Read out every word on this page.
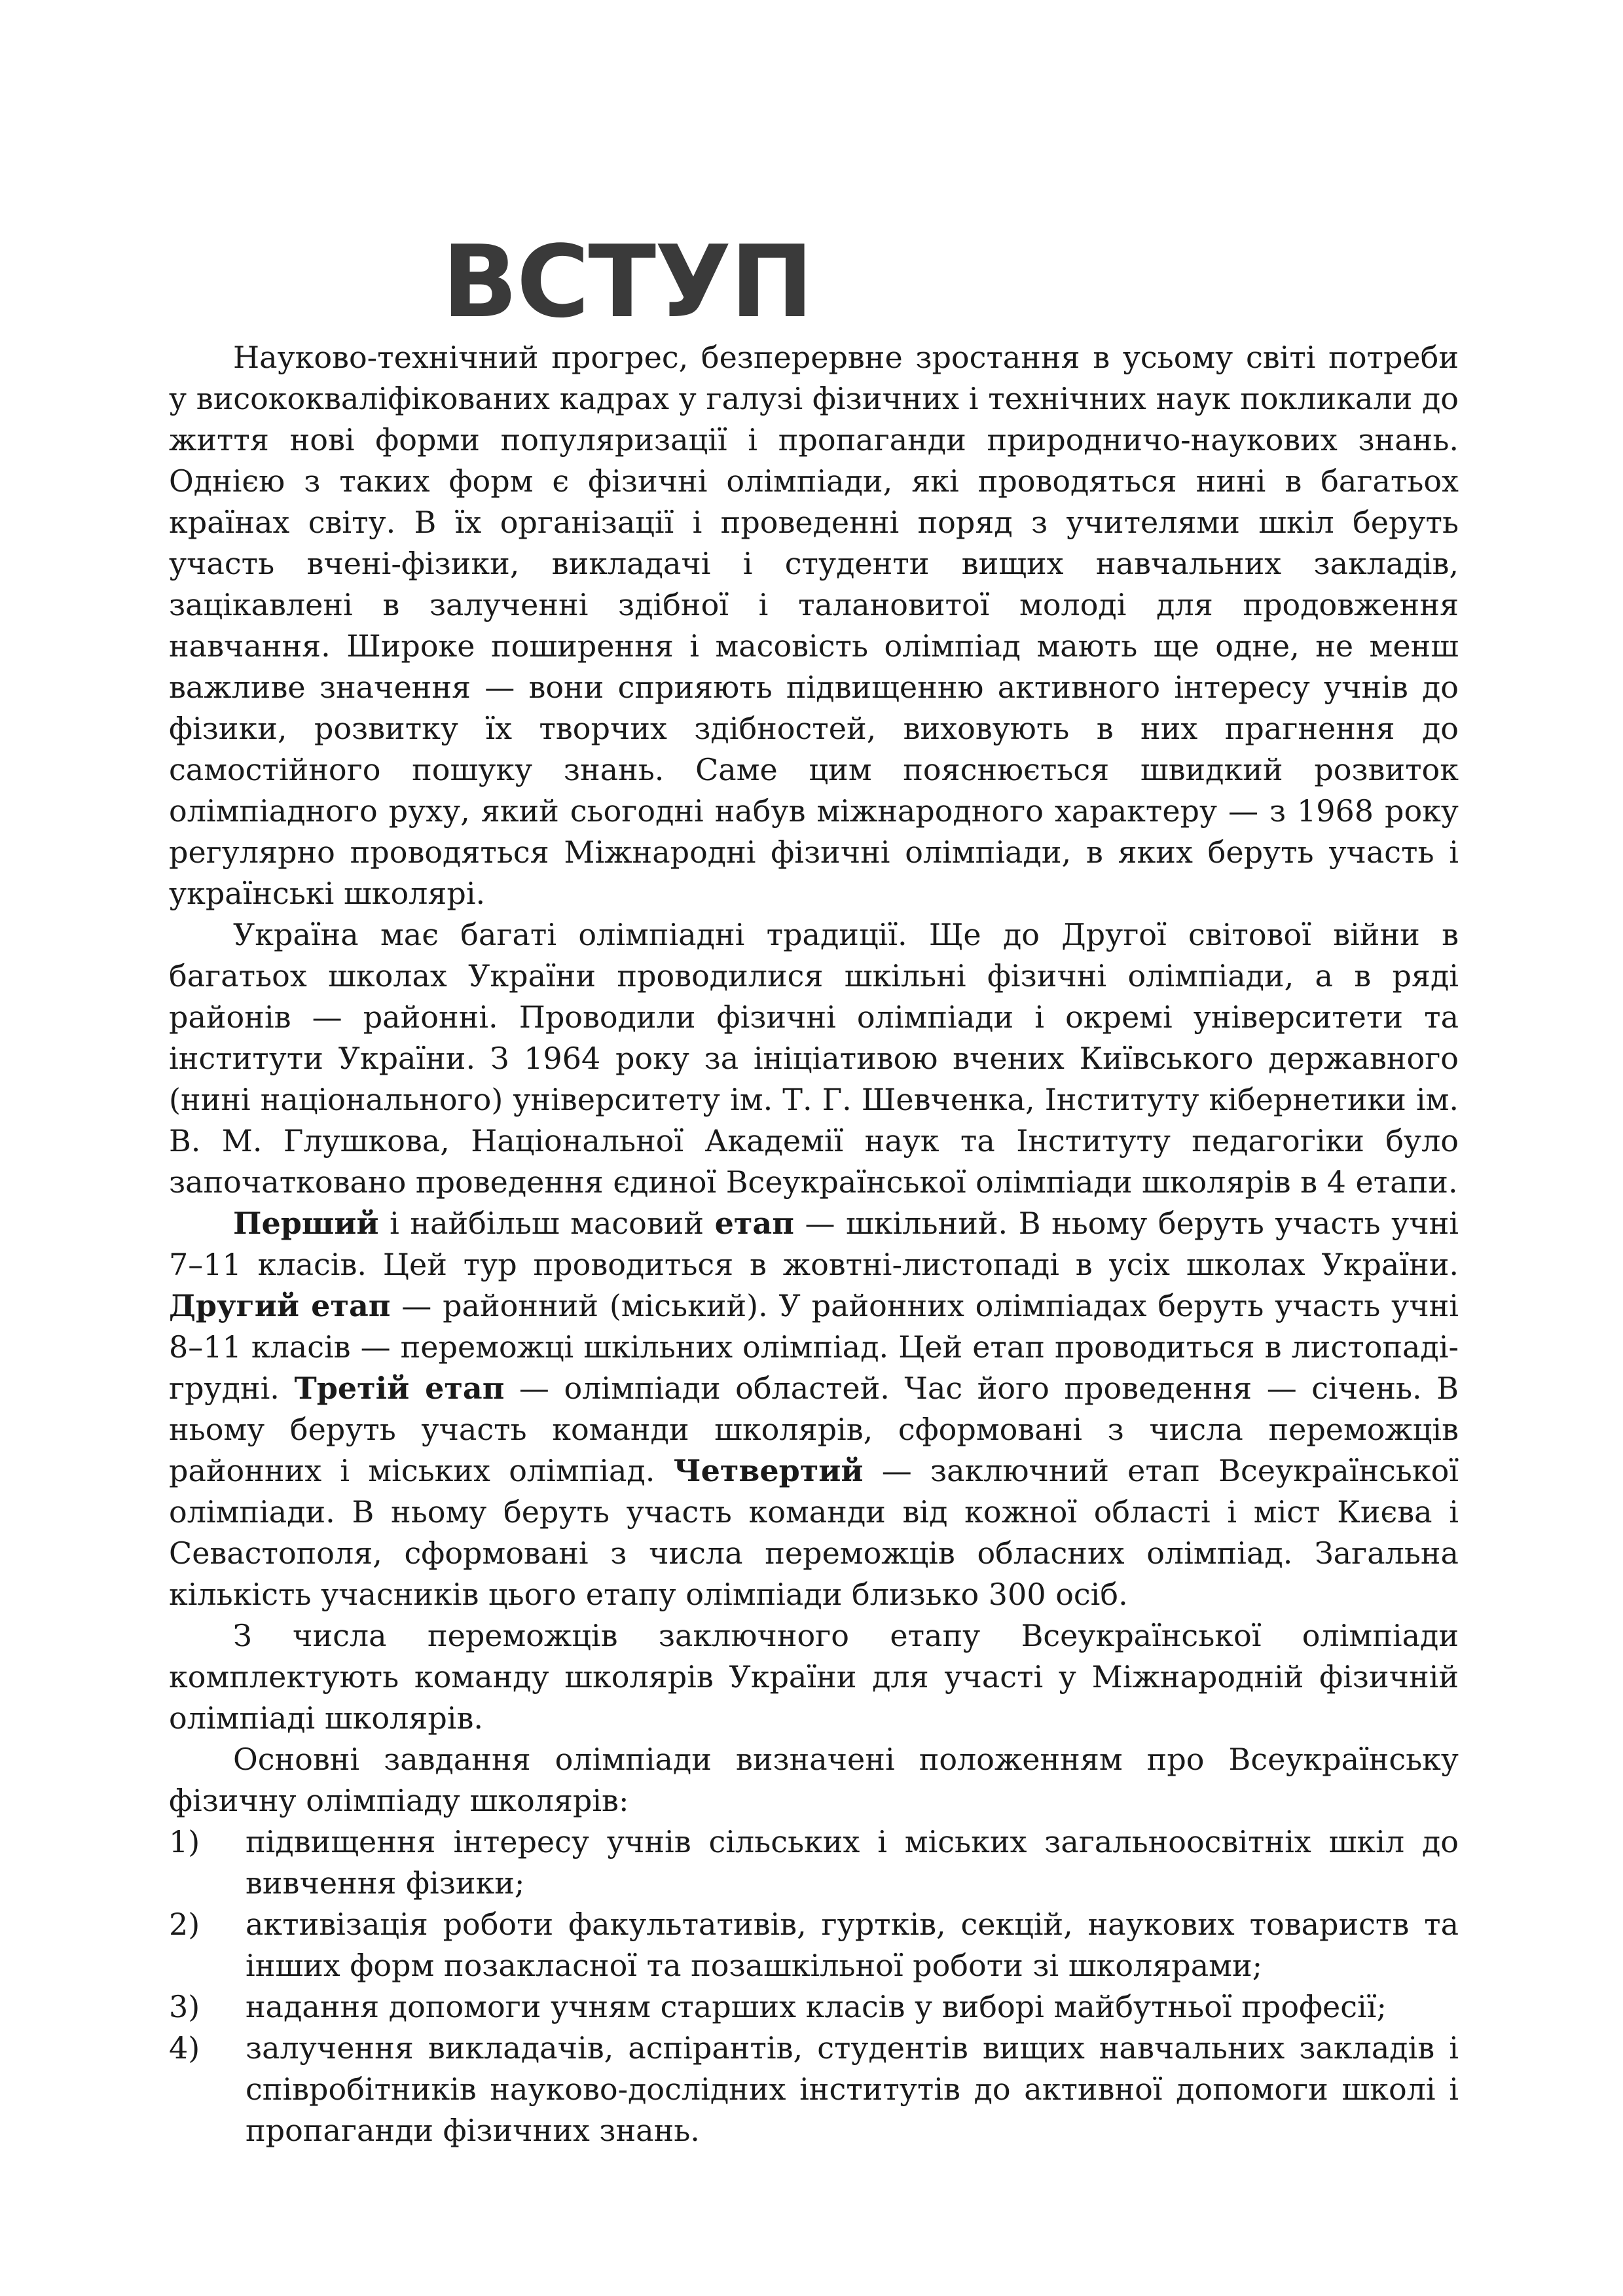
ВСТУП

Науково-технічний прогрес, безперервне зростання в усьому світі потреби у висококваліфікованих кадрах у галузі фізичних і технічних наук покликали до життя нові форми популяризації і пропаганди природничо-наукових знань. Однією з таких форм є фізичні олімпіади, які проводяться нині в багатьох країнах світу. В їх організації і проведенні поряд з учителями шкіл беруть участь вчені-фізики, викладачі і студенти вищих навчальних закладів, зацікавлені в залученні здібної і талановитої молоді для продовження навчання. Широке поширення і масовість олімпіад мають ще одне, не менш важливе значення — вони сприяють підвищенню активного інтересу учнів до фізики, розвитку їх творчих здібностей, виховують в них прагнення до самостійного пошуку знань. Саме цим пояснюється швидкий розвиток олімпіадного руху, який сьогодні набув міжнародного характеру — з 1968 року регулярно проводяться Міжнародні фізичні олімпіади, в яких беруть участь і українські школярі.

Україна має багаті олімпіадні традиції. Ще до Другої світової війни в багатьох школах України проводилися шкільні фізичні олімпіади, а в ряді районів — районні. Проводили фізичні олімпіади і окремі університети та інститути України. З 1964 року за ініціативою вчених Київського державного (нині національного) університету ім. Т. Г. Шевченка, Інституту кібернетики ім. В. М. Глушкова, Національної Академії наук та Інституту педагогіки було започатковано проведення єдиної Всеукраїнської олімпіади школярів в 4 етапи.

Перший і найбільш масовий етап — шкільний. В ньому беруть участь учні 7–11 класів. Цей тур проводиться в жовтні-листопаді в усіх школах України. Другий етап — районний (міський). У районних олімпіадах беруть участь учні 8–11 класів — переможці шкільних олімпіад. Цей етап проводиться в листопаді-грудні. Третій етап — олімпіади областей. Час його проведення — січень. В ньому беруть участь команди школярів, сформовані з числа переможців районних і міських олімпіад. Четвертий — заключний етап Всеукраїнської олімпіади. В ньому беруть участь команди від кожної області і міст Києва і Севастополя, сформовані з числа переможців обласних олімпіад. Загальна кількість учасників цього етапу олімпіади близько 300 осіб.

З числа переможців заключного етапу Всеукраїнської олімпіади комплектують команду школярів України для участі у Міжнародній фізичній олімпіаді школярів.

Основні завдання олімпіади визначені положенням про Всеукраїнську фізичну олімпіаду школярів:

1) підвищення інтересу учнів сільських і міських загальноосвітніх шкіл до вивчення фізики;
2) активізація роботи факультативів, гуртків, секцій, наукових товариств та інших форм позакласної та позашкільної роботи зі школярами;
3) надання допомоги учням старших класів у виборі майбутньої професії;
4) залучення викладачів, аспірантів, студентів вищих навчальних закладів і співробітників науково-дослідних інститутів до активної допомоги школі і пропаганди фізичних знань.
